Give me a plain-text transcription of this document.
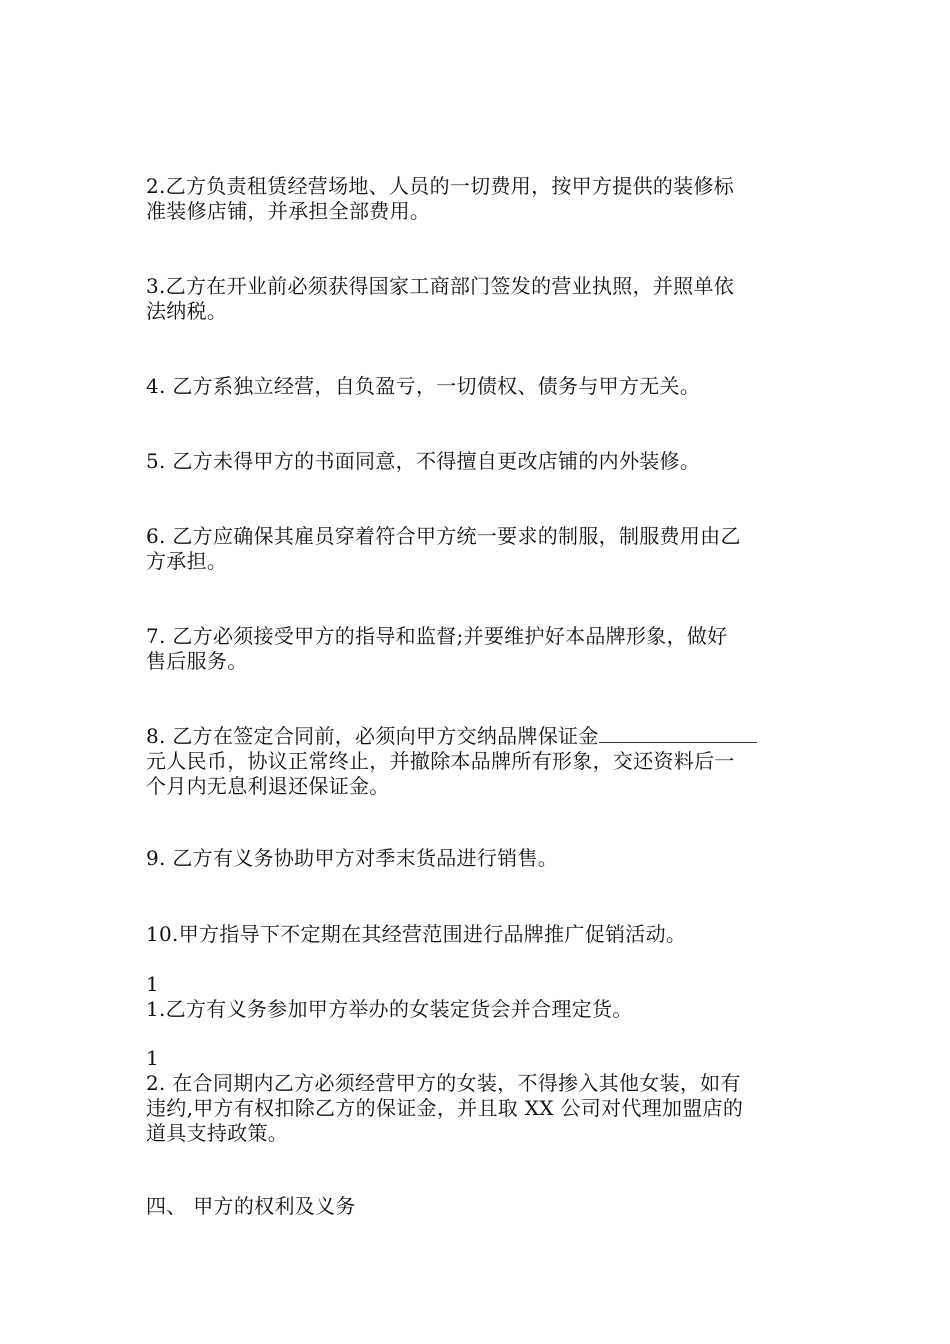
2.乙方负责租赁经营场地、人员的一切费用，按甲方提供的装修标
准装修店铺，并承担全部费用。
3.乙方在开业前必须获得国家工商部门签发的营业执照，并照单依
法纳税。
4. 乙方系独立经营，自负盈亏，一切债权、债务与甲方无关。
5. 乙方未得甲方的书面同意，不得擅自更改店铺的内外装修。
6. 乙方应确保其雇员穿着符合甲方统一要求的制服，制服费用由乙
方承担。
7. 乙方必须接受甲方的指导和监督;并要维护好本品牌形象，做好
售后服务。
8. 乙方在签定合同前，必须向甲方交纳品牌保证金
元人民币，协议正常终止，并撤除本品牌所有形象，交还资料后一
个月内无息利退还保证金。
9. 乙方有义务协助甲方对季末货品进行销售。
10.甲方指导下不定期在其经营范围进行品牌推广促销活动。
1
1.乙方有义务参加甲方举办的女装定货会并合理定货。
1
2. 在合同期内乙方必须经营甲方的女装，不得掺入其他女装，如有
违约,甲方有权扣除乙方的保证金，并且取 XX 公司对代理加盟店的
道具支持政策。
四、 甲方的权利及义务
